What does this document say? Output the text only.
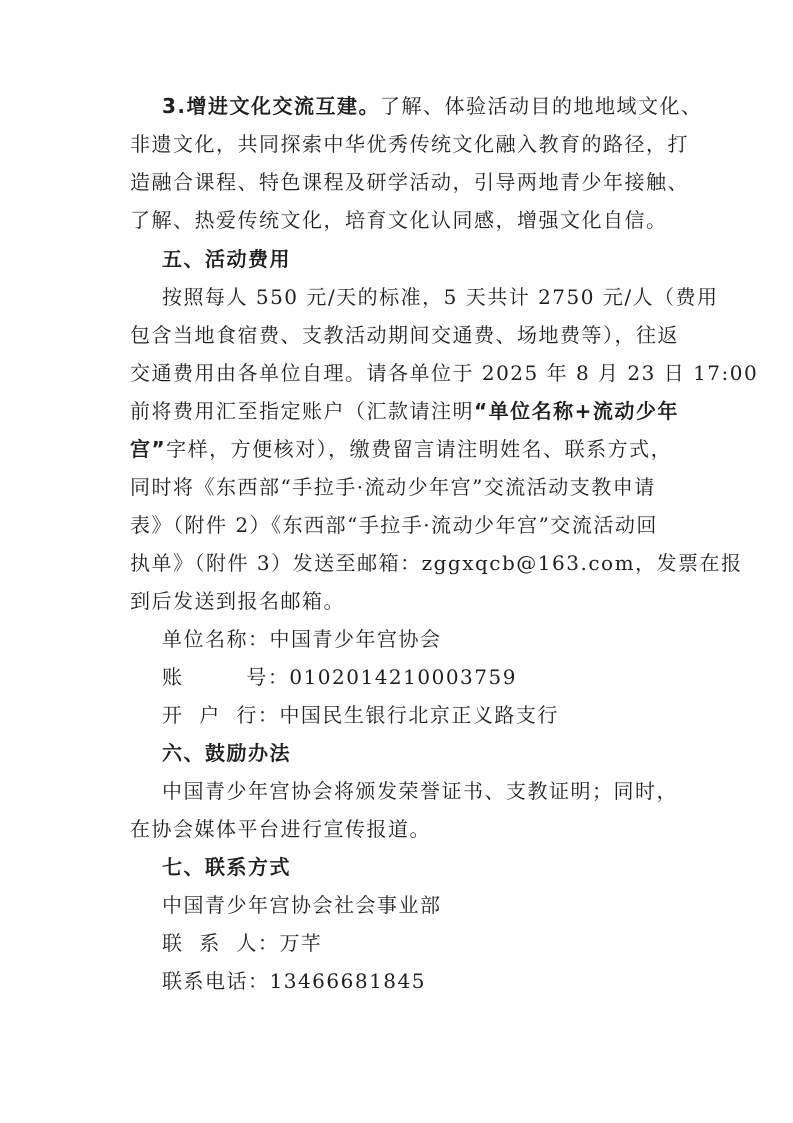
3.增进文化交流互建。了解、体验活动目的地地域文化、
非遗文化，共同探索中华优秀传统文化融入教育的路径，打
造融合课程、特色课程及研学活动，引导两地青少年接触、
了解、热爱传统文化，培育文化认同感，增强文化自信。
五、活动费用
按照每人 550 元/天的标准，5 天共计 2750 元/人（费用
包含当地食宿费、支教活动期间交通费、场地费等），往返
交通费用由各单位自理。请各单位于 2025 年 8 月 23 日 17:00
前将费用汇至指定账户（汇款请注明“单位名称+流动少年
宫”字样，方便核对），缴费留言请注明姓名、联系方式，
同时将《东西部“手拉手·流动少年宫”交流活动支教申请
表》（附件 2）《东西部“手拉手·流动少年宫”交流活动回
执单》（附件 3）发送至邮箱：zggxqcb@163.com，发票在报
到后发送到报名邮箱。
单位名称：中国青少年宫协会
账        号：0102014210003759
开  户  行：中国民生银行北京正义路支行
六、鼓励办法
中国青少年宫协会将颁发荣誉证书、支教证明；同时，
在协会媒体平台进行宣传报道。
七、联系方式
中国青少年宫协会社会事业部
联  系  人：万芊
联系电话：13466681845
